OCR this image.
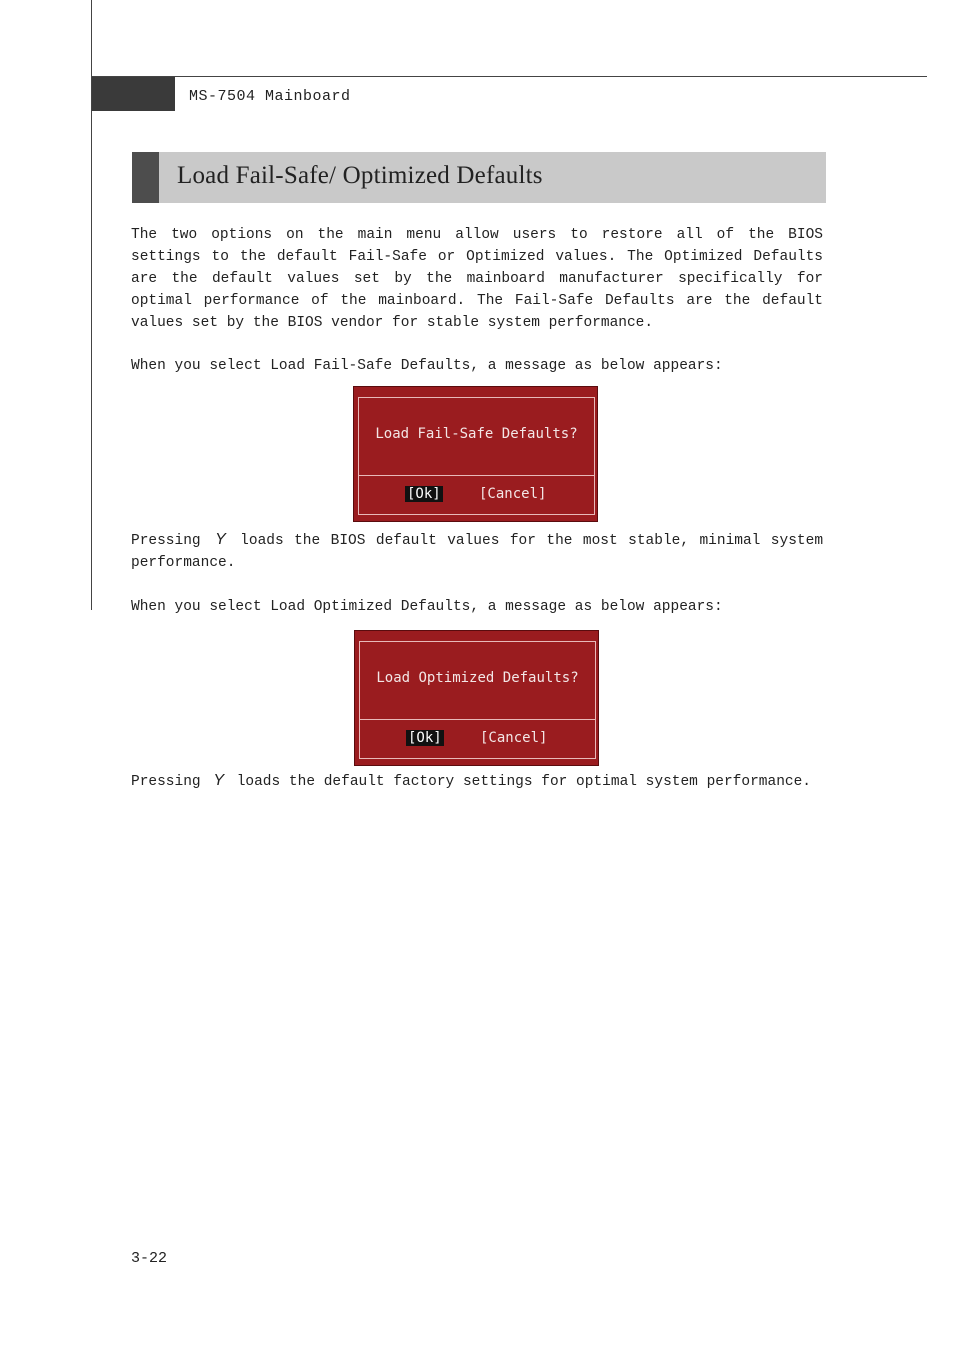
MS-7504 Mainboard
Load Fail-Safe/ Optimized Defaults

The two options on the main menu allow users to restore all of the BIOS settings to the default Fail-Safe or Optimized values. The Optimized Defaults are the default values set by the mainboard manufacturer specifically for optimal performance of the mainboard. The Fail-Safe Defaults are the default values set by the BIOS vendor for stable system performance.

When you select Load Fail-Safe Defaults, a message as below appears:

Load Fail-Safe Defaults?
[Ok]	[Cancel]

Pressing Y loads the BIOS default values for the most stable, minimal system performance.

When you select Load Optimized Defaults, a message as below appears:

Load Optimized Defaults?
[Ok]	[Cancel]

Pressing Y loads the default factory settings for optimal system performance.

3-22
